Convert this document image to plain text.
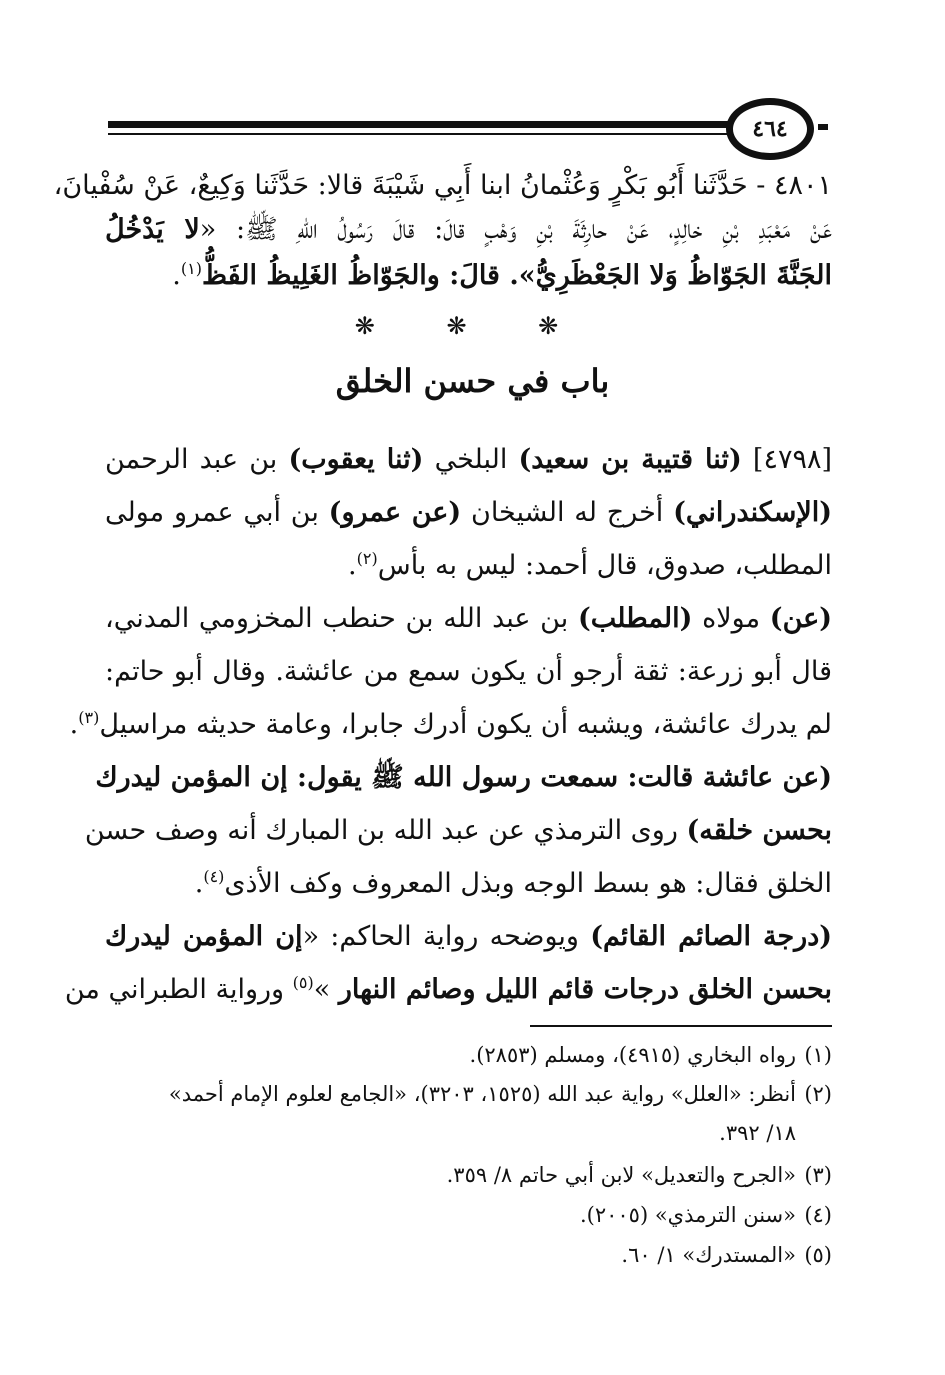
٤٦٤
٤٨٠١ - حَدَّثَنا أَبُو بَكْرٍ وَعُثْمانُ ابنا أَبِي شَيْبَةَ قالا: حَدَّثَنا وَكِيعٌ، عَنْ سُفْيانَ،
عَنْ مَعْبَدِ بْنِ خالِدٍ، عَنْ حارِثَةَ بْنِ وَهْبٍ قالَ: قالَ رَسُولُ اللهِ ﷺ: «لا يَدْخُلُ
الجَنَّةَ الجَوّاظُ وَلا الجَعْظَرِيُّ». قالَ: والجَوّاظُ الغَلِيظُ الفَظُّ$^{(١)}$.
❋ ❋ ❋
باب في حسن الخلق
[٤٧٩٨] (ثنا قتيبة بن سعيد) البلخي (ثنا يعقوب) بن عبد الرحمن
(الإسكندراني) أخرج له الشيخان (عن عمرو) بن أبي عمرو مولى
المطلب، صدوق، قال أحمد: ليس به بأس$^{(٢)}$.
(عن) مولاه (المطلب) بن عبد الله بن حنطب المخزومي المدني،
قال أبو زرعة: ثقة أرجو أن يكون سمع من عائشة. وقال أبو حاتم:
لم يدرك عائشة، ويشبه أن يكون أدرك جابرا، وعامة حديثه مراسيل$^{(٣)}$.
(عن عائشة قالت: سمعت رسول الله ﷺ يقول: إن المؤمن ليدرك
بحسن خلقه) روى الترمذي عن عبد الله بن المبارك أنه وصف حسن
الخلق فقال: هو بسط الوجه وبذل المعروف وكف الأذى$^{(٤)}$.
(درجة الصائم القائم) ويوضحه رواية الحاكم: «إن المؤمن ليدرك
بحسن الخلق درجات قائم الليل وصائم النهار »$^{(٥)}$ ورواية الطبراني من
(١)رواه البخاري (٤٩١٥)، ومسلم (٢٨٥٣).
(٢)أنظر: «العلل» رواية عبد الله (١٥٢٥، ٣٢٠٣)، «الجامع لعلوم الإمام أحمد»
١٨/ ٣٩٢.
(٣)«الجرح والتعديل» لابن أبي حاتم ٨/ ٣٥٩.
(٤)«سنن الترمذي» (٢٠٠٥).
(٥)«المستدرك» ١/ ٦٠.
